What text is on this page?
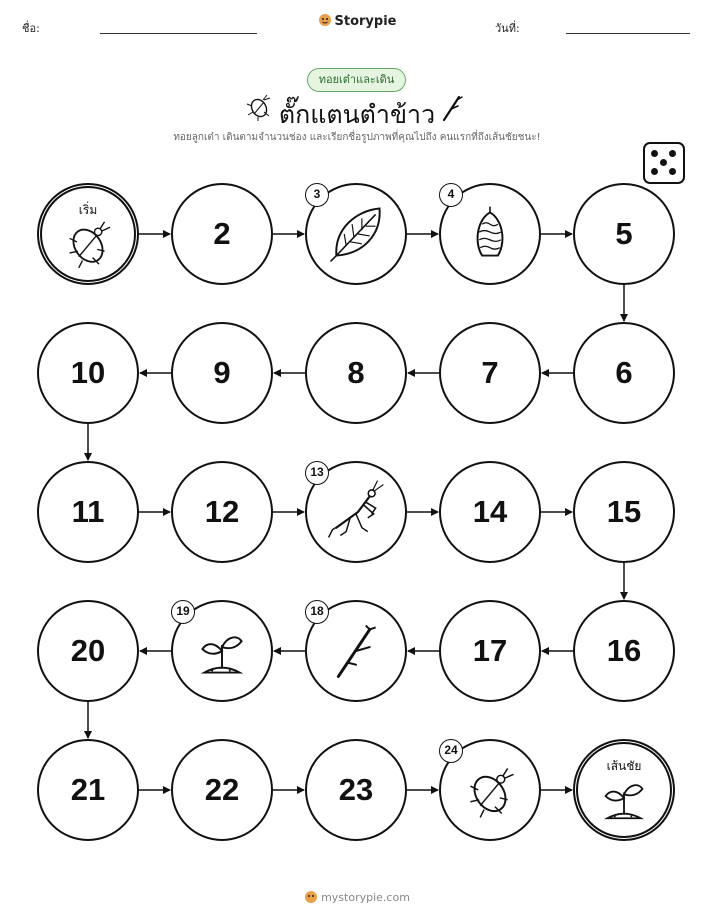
ชื่อ:	Storypie	วันที่:
ทอยเต๋าและเดิน
ตั๊กแตนตำข้าว
ทอยลูกเต๋า เดินตามจำนวนช่อง และเรียกชื่อรูปภาพที่คุณไปถึง คนแรกที่ถึงเส้นชัยชนะ!
เริ่ม
2
3	4
5
6
7
8
9
10
11	12
13
14	15
16
17
18
19
20
21	22	23
24
เส้นชัย
mystorypie.com
